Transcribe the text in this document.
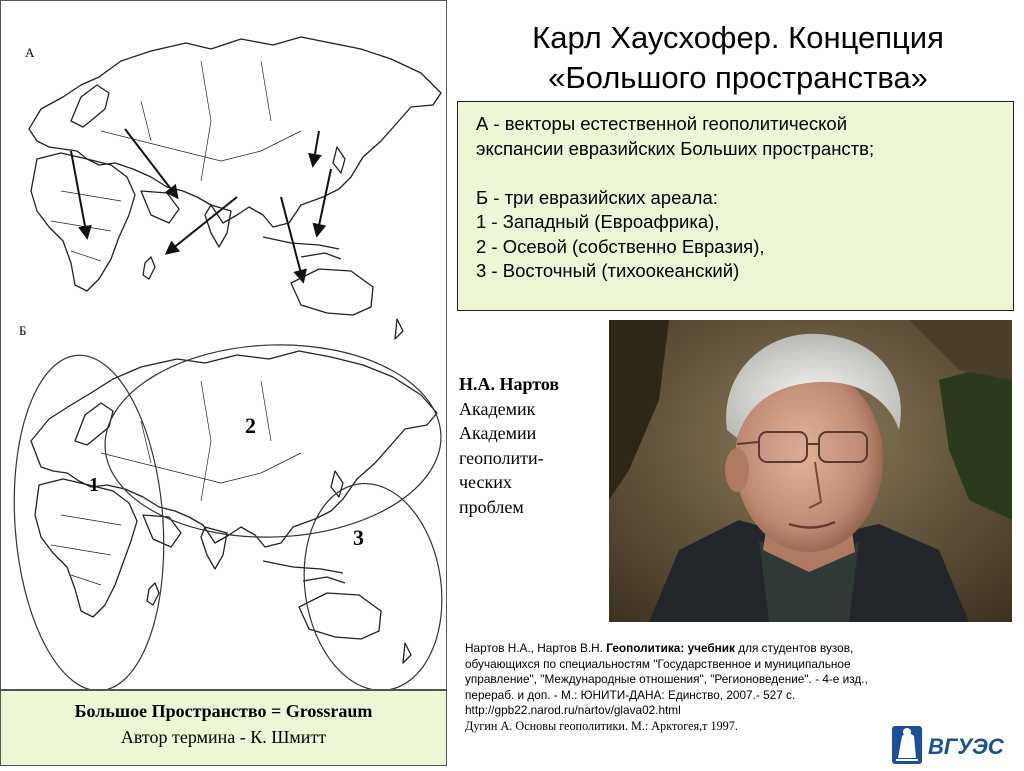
А
Б
1
2
3
Карл Хаусхофер. Концепция
«Большого пространства»
А - векторы естественной геополитической
экспансии евразийских Больших пространств;
Б - три евразийских ареала:
1 - Западный (Евроафрика),
2 - Осевой (собственно Евразия),
3 - Восточный (тихоокеанский)
Н.А. Нартов
Академик
Академии
геополити-
ческих
проблем
Большое Пространство = Grossraum
Автор термина - К. Шмитт
Нартов Н.А., Нартов В.Н. Геополитика: учебник для студентов вузов,
обучающихся по специальностям "Государственное и муниципальное
управление", "Международные отношения", "Регионоведение". - 4-е изд.,
перераб. и доп. - М.: ЮНИТИ-ДАНА: Единство, 2007.- 527 с.
http://gpb22.narod.ru/nartov/glava02.html
Дугин А. Основы геополитики. М.: Арктогея,т 1997.
ВГУЭС
